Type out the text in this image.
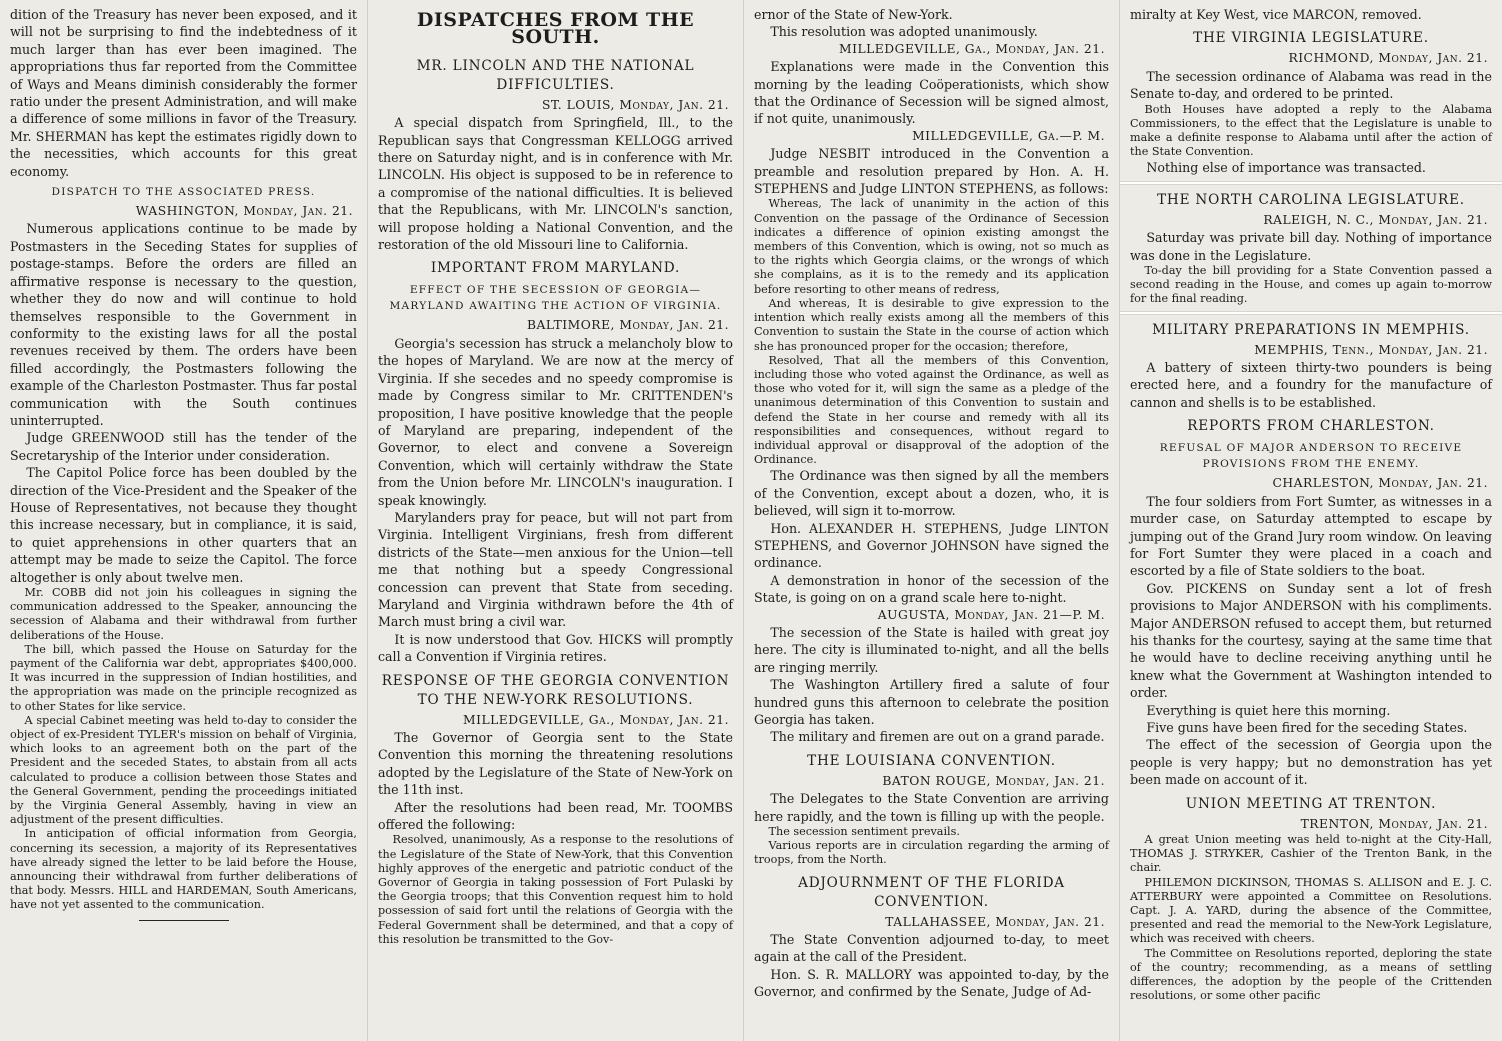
dition of the Treasury has never been exposed, and it will not be surprising to find the indebtedness of it much larger than has ever been imagined. The appropriations thus far reported from the Committee of Ways and Means diminish considerably the former ratio under the present Administration, and will make a difference of some millions in favor of the Treasury. Mr. SHERMAN has kept the estimates rigidly down to the necessities, which accounts for this great economy.

DISPATCH TO THE ASSOCIATED PRESS.
WASHINGTON, Monday, Jan. 21.

Numerous applications continue to be made by Postmasters in the Seceding States for supplies of postage-stamps. Before the orders are filled an affirmative response is necessary to the question, whether they do now and will continue to hold themselves responsible to the Government in conformity to the existing laws for all the postal revenues received by them. The orders have been filled accordingly, the Postmasters following the example of the Charleston Postmaster. Thus far postal communication with the South continues uninterrupted.

Judge GREENWOOD still has the tender of the Secretaryship of the Interior under consideration.

The Capitol Police force has been doubled by the direction of the Vice-President and the Speaker of the House of Representatives, not because they thought this increase necessary, but in compliance, it is said, to quiet apprehensions in other quarters that an attempt may be made to seize the Capitol. The force altogether is only about twelve men.

Mr. COBB did not join his colleagues in signing the communication addressed to the Speaker, announcing the secession of Alabama and their withdrawal from further deliberations of the House.

The bill, which passed the House on Saturday for the payment of the California war debt, appropriates $400,000. It was incurred in the suppression of Indian hostilities, and the appropriation was made on the principle recognized as to other States for like service.

A special Cabinet meeting was held to-day to consider the object of ex-President TYLER's mission on behalf of Virginia, which looks to an agreement both on the part of the President and the seceded States, to abstain from all acts calculated to produce a collision between those States and the General Government, pending the proceedings initiated by the Virginia General Assembly, having in view an adjustment of the present difficulties.

In anticipation of official information from Georgia, concerning its secession, a majority of its Representatives have already signed the letter to be laid before the House, announcing their withdrawal from further deliberations of that body. Messrs. HILL and HARDEMAN, South Americans, have not yet assented to the communication.

DISPATCHES FROM THE SOUTH.
MR. LINCOLN AND THE NATIONAL DIFFICULTIES.
ST. LOUIS, Monday, Jan. 21.

A special dispatch from Springfield, Ill., to the Republican says that Congressman KELLOGG arrived there on Saturday night, and is in conference with Mr. LINCOLN. His object is supposed to be in reference to a compromise of the national difficulties. It is believed that the Republicans, with Mr. LINCOLN's sanction, will propose holding a National Convention, and the restoration of the old Missouri line to California.

IMPORTANT FROM MARYLAND.
EFFECT OF THE SECESSION OF GEORGIA—MARYLAND AWAITING THE ACTION OF VIRGINIA.
BALTIMORE, Monday, Jan. 21.

Georgia's secession has struck a melancholy blow to the hopes of Maryland. We are now at the mercy of Virginia. If she secedes and no speedy compromise is made by Congress similar to Mr. CRITTENDEN's proposition, I have positive knowledge that the people of Maryland are preparing, independent of the Governor, to elect and convene a Sovereign Convention, which will certainly withdraw the State from the Union before Mr. LINCOLN's inauguration. I speak knowingly.

Marylanders pray for peace, but will not part from Virginia. Intelligent Virginians, fresh from different districts of the State—men anxious for the Union—tell me that nothing but a speedy Congressional concession can prevent that State from seceding. Maryland and Virginia withdrawn before the 4th of March must bring a civil war.

It is now understood that Gov. HICKS will promptly call a Convention if Virginia retires.

RESPONSE OF THE GEORGIA CONVENTION TO THE NEW-YORK RESOLUTIONS.
MILLEDGEVILLE, Ga., Monday, Jan. 21.

The Governor of Georgia sent to the State Convention this morning the threatening resolutions adopted by the Legislature of the State of New-York on the 11th inst.

After the resolutions had been read, Mr. TOOMBS offered the following:

Resolved, unanimously, As a response to the resolutions of the Legislature of the State of New-York, that this Convention highly approves of the energetic and patriotic conduct of the Governor of Georgia in taking possession of Fort Pulaski by the Georgia troops; that this Convention request him to hold possession of said fort until the relations of Georgia with the Federal Government shall be determined, and that a copy of this resolution be transmitted to the Gov-

ernor of the State of New-York.

This resolution was adopted unanimously.

MILLEDGEVILLE, Ga., Monday, Jan. 21.

Explanations were made in the Convention this morning by the leading Coöperationists, which show that the Ordinance of Secession will be signed almost, if not quite, unanimously.

MILLEDGEVILLE, Ga.—P. M.

Judge NESBIT introduced in the Convention a preamble and resolution prepared by Hon. A. H. STEPHENS and Judge LINTON STEPHENS, as follows:

Whereas, The lack of unanimity in the action of this Convention on the passage of the Ordinance of Secession indicates a difference of opinion existing amongst the members of this Convention, which is owing, not so much as to the rights which Georgia claims, or the wrongs of which she complains, as it is to the remedy and its application before resorting to other means of redress,

And whereas, It is desirable to give expression to the intention which really exists among all the members of this Convention to sustain the State in the course of action which she has pronounced proper for the occasion; therefore,

Resolved, That all the members of this Convention, including those who voted against the Ordinance, as well as those who voted for it, will sign the same as a pledge of the unanimous determination of this Convention to sustain and defend the State in her course and remedy with all its responsibilities and consequences, without regard to individual approval or disapproval of the adoption of the Ordinance.

The Ordinance was then signed by all the members of the Convention, except about a dozen, who, it is believed, will sign it to-morrow.

Hon. ALEXANDER H. STEPHENS, Judge LINTON STEPHENS, and Governor JOHNSON have signed the ordinance.

A demonstration in honor of the secession of the State, is going on on a grand scale here to-night.

AUGUSTA, Monday, Jan. 21—P. M.

The secession of the State is hailed with great joy here. The city is illuminated to-night, and all the bells are ringing merrily.

The Washington Artillery fired a salute of four hundred guns this afternoon to celebrate the position Georgia has taken.

The military and firemen are out on a grand parade.

THE LOUISIANA CONVENTION.
BATON ROUGE, Monday, Jan. 21.

The Delegates to the State Convention are arriving here rapidly, and the town is filling up with the people.

The secession sentiment prevails.

Various reports are in circulation regarding the arming of troops, from the North.

ADJOURNMENT OF THE FLORIDA CONVENTION.
TALLAHASSEE, Monday, Jan. 21.

The State Convention adjourned to-day, to meet again at the call of the President.

Hon. S. R. MALLORY was appointed to-day, by the Governor, and confirmed by the Senate, Judge of Ad-

miralty at Key West, vice MARCON, removed.

THE VIRGINIA LEGISLATURE.
RICHMOND, Monday, Jan. 21.

The secession ordinance of Alabama was read in the Senate to-day, and ordered to be printed.

Both Houses have adopted a reply to the Alabama Commissioners, to the effect that the Legislature is unable to make a definite response to Alabama until after the action of the State Convention.

Nothing else of importance was transacted.

THE NORTH CAROLINA LEGISLATURE.
RALEIGH, N. C., Monday, Jan. 21.

Saturday was private bill day. Nothing of importance was done in the Legislature.

To-day the bill providing for a State Convention passed a second reading in the House, and comes up again to-morrow for the final reading.

MILITARY PREPARATIONS IN MEMPHIS.
MEMPHIS, Tenn., Monday, Jan. 21.

A battery of sixteen thirty-two pounders is being erected here, and a foundry for the manufacture of cannon and shells is to be established.

REPORTS FROM CHARLESTON.
REFUSAL OF MAJOR ANDERSON TO RECEIVE PROVISIONS FROM THE ENEMY.
CHARLESTON, Monday, Jan. 21.

The four soldiers from Fort Sumter, as witnesses in a murder case, on Saturday attempted to escape by jumping out of the Grand Jury room window. On leaving for Fort Sumter they were placed in a coach and escorted by a file of State soldiers to the boat.

Gov. PICKENS on Sunday sent a lot of fresh provisions to Major ANDERSON with his compliments. Major ANDERSON refused to accept them, but returned his thanks for the courtesy, saying at the same time that he would have to decline receiving anything until he knew what the Government at Washington intended to order.

Everything is quiet here this morning.

Five guns have been fired for the seceding States.

The effect of the secession of Georgia upon the people is very happy; but no demonstration has yet been made on account of it.

UNION MEETING AT TRENTON.
TRENTON, Monday, Jan. 21.

A great Union meeting was held to-night at the City-Hall, THOMAS J. STRYKER, Cashier of the Trenton Bank, in the chair.

PHILEMON DICKINSON, THOMAS S. ALLISON and E. J. C. ATTERBURY were appointed a Committee on Resolutions. Capt. J. A. YARD, during the absence of the Committee, presented and read the memorial to the New-York Legislature, which was received with cheers.

The Committee on Resolutions reported, deploring the state of the country; recommending, as a means of settling differences, the adoption by the people of the Crittenden resolutions, or some other pacific
